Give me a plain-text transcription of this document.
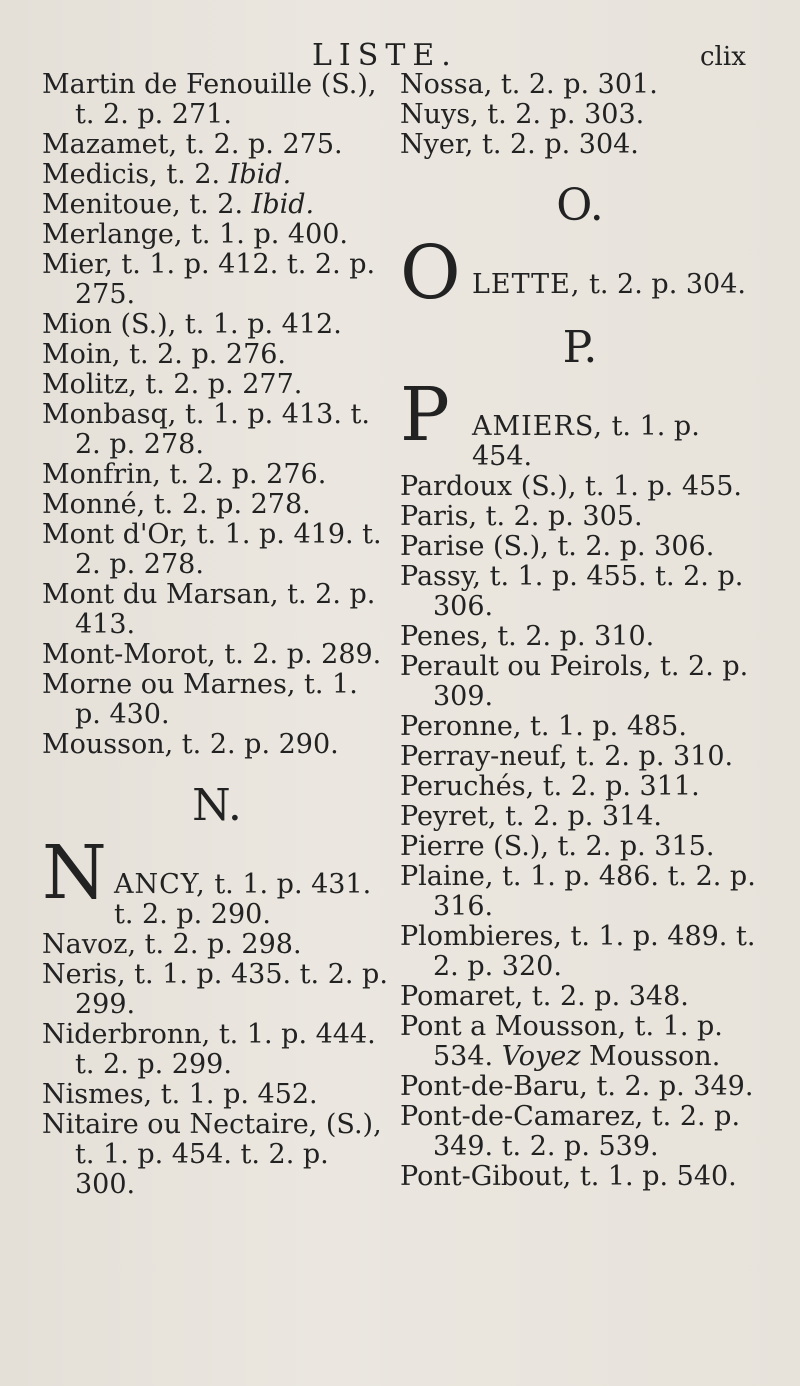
LISTE.	clix
Martin de Fenouille (S.), t. 2. p. 271.
Mazamet, t. 2. p. 275.
Medicis, t. 2. Ibid.
Menitoue, t. 2. Ibid.
Merlange, t. 1. p. 400.
Mier, t. 1. p. 412. t. 2. p. 275.
Mion (S.), t. 1. p. 412.
Moin, t. 2. p. 276.
Molitz, t. 2. p. 277.
Monbasq, t. 1. p. 413. t. 2. p. 278.
Monfrin, t. 2. p. 276.
Monné, t. 2. p. 278.
Mont d'Or, t. 1. p. 419. t. 2. p. 278.
Mont du Marsan, t. 2. p. 413.
Mont-Morot, t. 2. p. 289.
Morne ou Marnes, t. 1. p. 430.
Mousson, t. 2. p. 290.
N.
N ANCY, t. 1. p. 431. t. 2. p. 290.
Navoz, t. 2. p. 298.
Neris, t. 1. p. 435. t. 2. p. 299.
Niderbronn, t. 1. p. 444. t. 2. p. 299.
Nismes, t. 1. p. 452.
Nitaire ou Nectaire, (S.), t. 1. p. 454. t. 2. p. 300.
Nossa, t. 2. p. 301.
Nuys, t. 2. p. 303.
Nyer, t. 2. p. 304.
O.
O LETTE, t. 2. p. 304.
P.
P AMIERS, t. 1. p. 454.
Pardoux (S.), t. 1. p. 455.
Paris, t. 2. p. 305.
Parise (S.), t. 2. p. 306.
Passy, t. 1. p. 455. t. 2. p. 306.
Penes, t. 2. p. 310.
Perault ou Peirols, t. 2. p. 309.
Peronne, t. 1. p. 485.
Perray-neuf, t. 2. p. 310.
Peruchés, t. 2. p. 311.
Peyret, t. 2. p. 314.
Pierre (S.), t. 2. p. 315.
Plaine, t. 1. p. 486. t. 2. p. 316.
Plombieres, t. 1. p. 489. t. 2. p. 320.
Pomaret, t. 2. p. 348.
Pont a Mousson, t. 1. p. 534. Voyez Mousson.
Pont-de-Baru, t. 2. p. 349.
Pont-de-Camarez, t. 2. p. 349. t. 2. p. 539.
Pont-Gibout, t. 1. p. 540.
